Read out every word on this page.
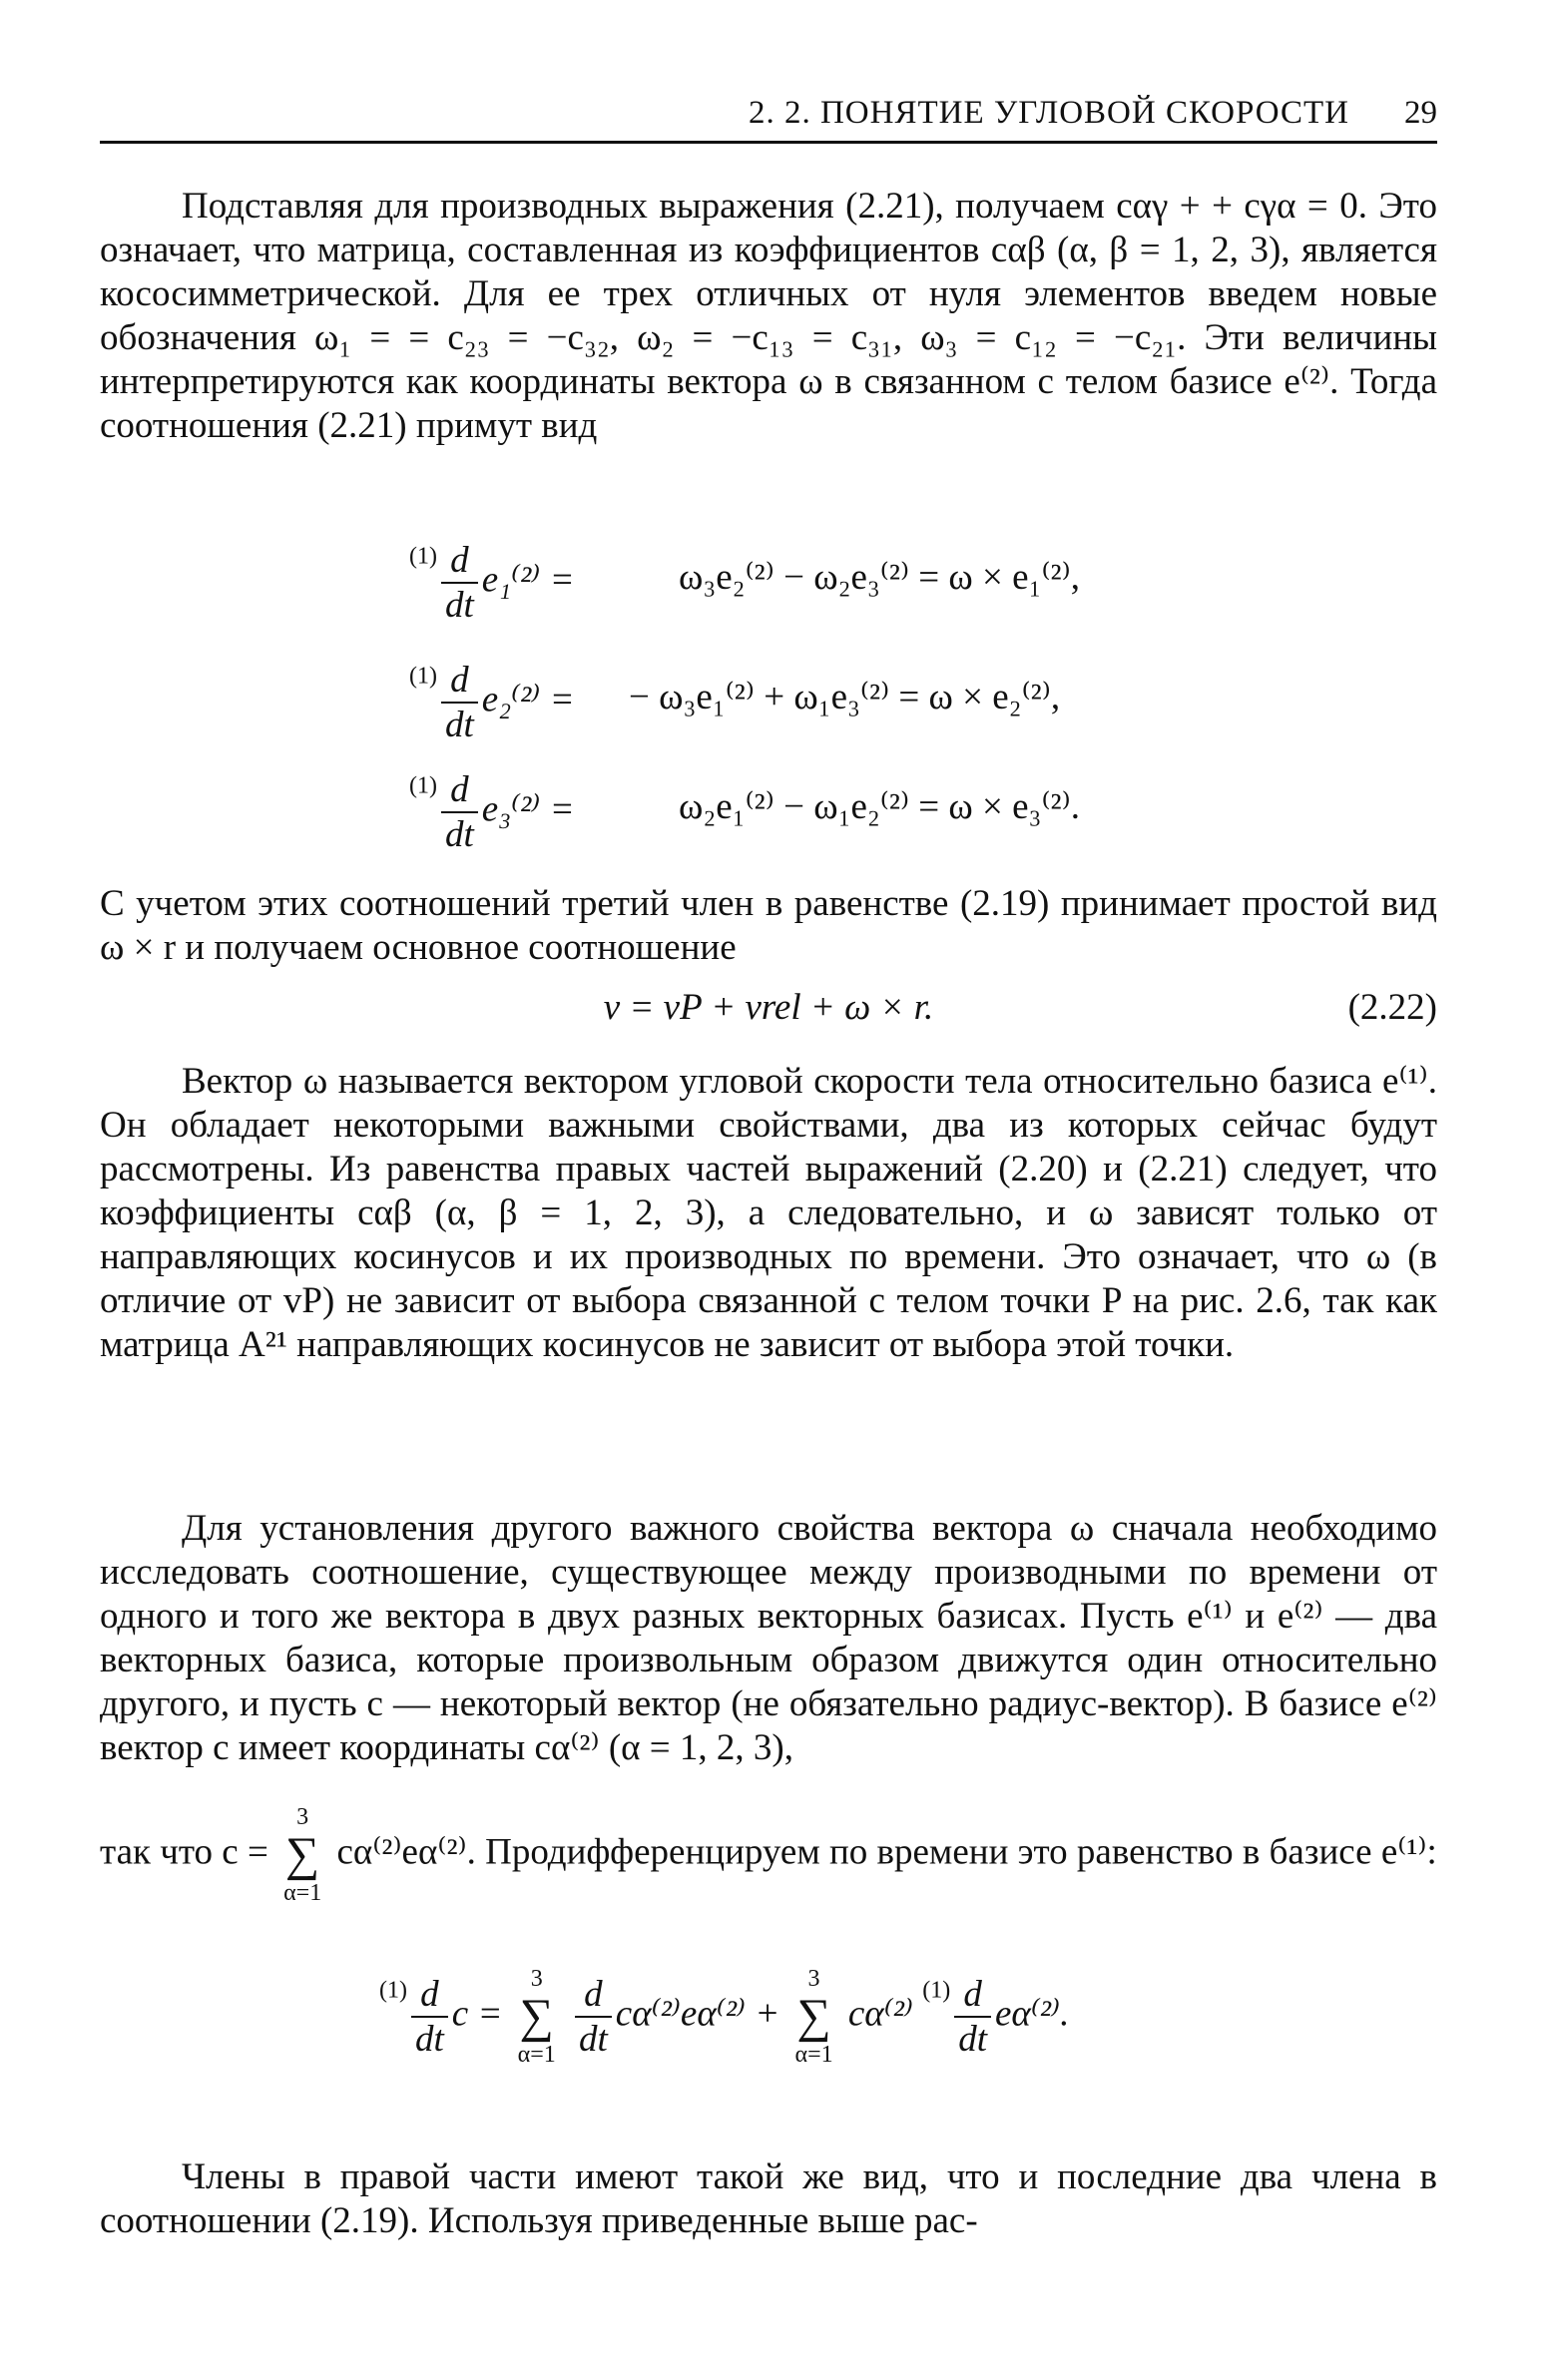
2. 2. ПОНЯТИЕ УГЛОВОЙ СКОРОСТИ 29
Подставляя для производных выражения (2.21), получаем cαγ + + cγα = 0. Это означает, что матрица, составленная из коэффициентов cαβ (α, β = 1, 2, 3), является кососимметрической. Для ее трех отличных от нуля элементов введем новые обозначения ω₁ = = c₂₃ = −c₃₂, ω₂ = −c₁₃ = c₃₁, ω₃ = c₁₂ = −c₂₁. Эти величины интерпретируются как координаты вектора ω в связанном с телом базисе e⁽²⁾. Тогда соотношения (2.21) примут вид
$^{(1)} \frac{d}{dt} e_1^{(2)}$ =	ω₃e₂⁽²⁾ − ω₂e₃⁽²⁾ = ω × e₁⁽²⁾,
$^{(1)} \frac{d}{dt} e_2^{(2)}$ = − ω₃e₁⁽²⁾ + ω₁e₃⁽²⁾ = ω × e₂⁽²⁾,
$^{(1)} \frac{d}{dt} e_3^{(2)}$ =	ω₂e₁⁽²⁾ − ω₁e₂⁽²⁾ = ω × e₃⁽²⁾.
С учетом этих соотношений третий член в равенстве (2.19) принимает простой вид ω × r и получаем основное соотношение
v = vP + vrel + ω × r.	(2.22)
Вектор ω называется вектором угловой скорости тела относительно базиса e⁽¹⁾. Он обладает некоторыми важными свойствами, два из которых сейчас будут рассмотрены. Из равенства правых частей выражений (2.20) и (2.21) следует, что коэффициенты cαβ (α, β = 1, 2, 3), а следовательно, и ω зависят только от направляющих косинусов и их производных по времени. Это означает, что ω (в отличие от vP) не зависит от выбора связанной с телом точки P на рис. 2.6, так как матрица A²¹ направляющих косинусов не зависит от выбора этой точки.
Для установления другого важного свойства вектора ω сначала необходимо исследовать соотношение, существующее между производными по времени от одного и того же вектора в двух разных векторных базисах. Пусть e⁽¹⁾ и e⁽²⁾ — два векторных базиса, которые произвольным образом движутся один относительно другого, и пусть c — некоторый вектор (не обязательно радиус-вектор). В базисе e⁽²⁾ вектор c имеет координаты cα⁽²⁾ (α = 1, 2, 3),
так что c = 3
∑
α=1 cα⁽²⁾eα⁽²⁾. Продифференцируем по времени это равенство в базисе e⁽¹⁾:
$^{(1)} \frac{d}{dt}$ c = 3
∑
$\alpha=1 \frac{d}{dt} c\alpha^{(2)}e\alpha^{(2)} + 3$
∑
α=1 cα⁽²⁾ $^{(1)} \frac{d}{dt} e\alpha^{(2)}$.
Члены в правой части имеют такой же вид, что и последние два члена в соотношении (2.19). Используя приведенные выше рас-
